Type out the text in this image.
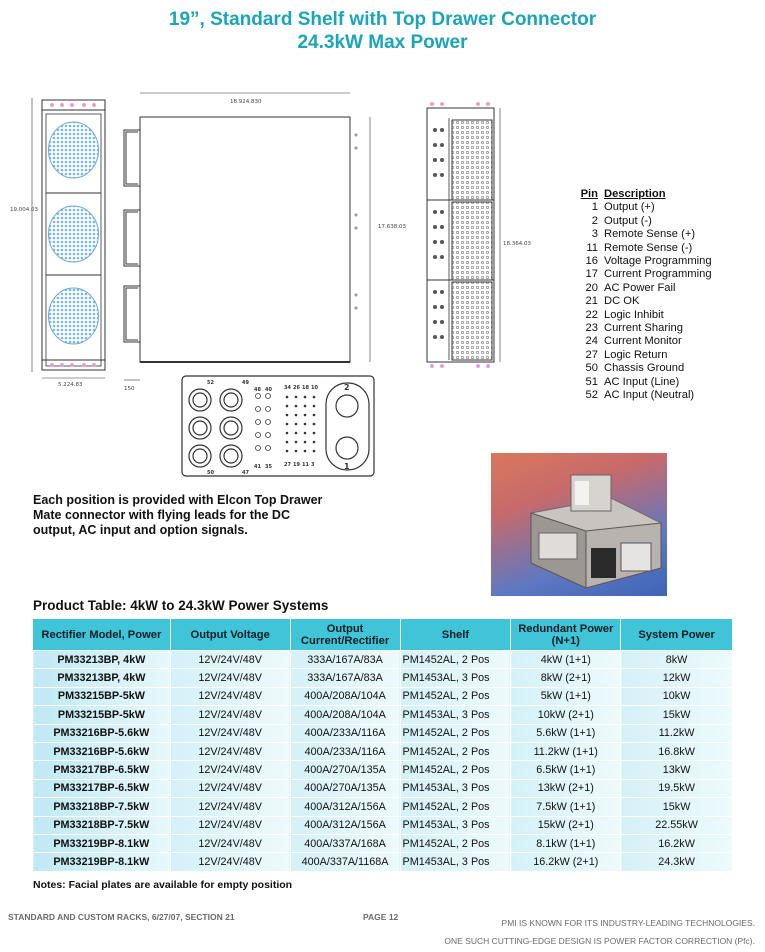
19”, Standard Shelf with Top Drawer Connector
24.3kW Max Power
19.004.03
5.224.83
18.924.830
17.638.03
150
18.364.03
52	49
48 40 34 26 18 10
50	47
41 35 27 19 11 3
2
1
Pin Description
1 Output (+)
2 Output (-)
3 Remote Sense (+)
11 Remote Sense (-)
16 Voltage Programming
17 Current Programming
20 AC Power Fail
21 DC OK
22 Logic Inhibit
23 Current Sharing
24 Current Monitor
27 Logic Return
50 Chassis Ground
51 AC Input (Line)
52 AC Input (Neutral)
Each position is provided with Elcon Top Drawer Mate connector with flying leads for the DC output, AC input and option signals.
Product Table: 4kW to 24.3kW Power Systems
Rectifier Model, Power	Output Voltage	Output Current/Rectifier	Shelf	Redundant Power (N+1)	System Power
PM33213BP, 4kW	12V/24V/48V	333A/167A/83A	PM1452AL, 2 Pos	4kW (1+1)	8kW
PM33213BP, 4kW	12V/24V/48V	333A/167A/83A	PM1453AL, 3 Pos	8kW (2+1)	12kW
PM33215BP-5kW	12V/24V/48V	400A/208A/104A	PM1452AL, 2 Pos	5kW (1+1)	10kW
PM33215BP-5kW	12V/24V/48V	400A/208A/104A	PM1453AL, 3 Pos	10kW (2+1)	15kW
PM33216BP-5.6kW	12V/24V/48V	400A/233A/116A	PM1452AL, 2 Pos	5.6kW (1+1)	11.2kW
PM33216BP-5.6kW	12V/24V/48V	400A/233A/116A	PM1452AL, 2 Pos	11.2kW (1+1)	16.8kW
PM33217BP-6.5kW	12V/24V/48V	400A/270A/135A	PM1452AL, 2 Pos	6.5kW (1+1)	13kW
PM33217BP-6.5kW	12V/24V/48V	400A/270A/135A	PM1453AL, 3 Pos	13kW (2+1)	19.5kW
PM33218BP-7.5kW	12V/24V/48V	400A/312A/156A	PM1452AL, 2 Pos	7.5kW (1+1)	15kW
PM33218BP-7.5kW	12V/24V/48V	400A/312A/156A	PM1453AL, 3 Pos	15kW (2+1)	22.55kW
PM33219BP-8.1kW	12V/24V/48V	400A/337A/168A	PM1452AL, 2 Pos	8.1kW (1+1)	16.2kW
PM33219BP-8.1kW	12V/24V/48V	400A/337A/1168A	PM1453AL, 3 Pos	16.2kW (2+1)	24.3kW
Notes: Facial plates are available for empty position
STANDARD AND CUSTOM RACKS, 6/27/07, SECTION 21	PAGE 12
PMI IS KNOWN FOR ITS INDUSTRY-LEADING TECHNOLOGIES.
ONE SUCH CUTTING-EDGE DESIGN IS POWER FACTOR CORRECTION (Pfc).
